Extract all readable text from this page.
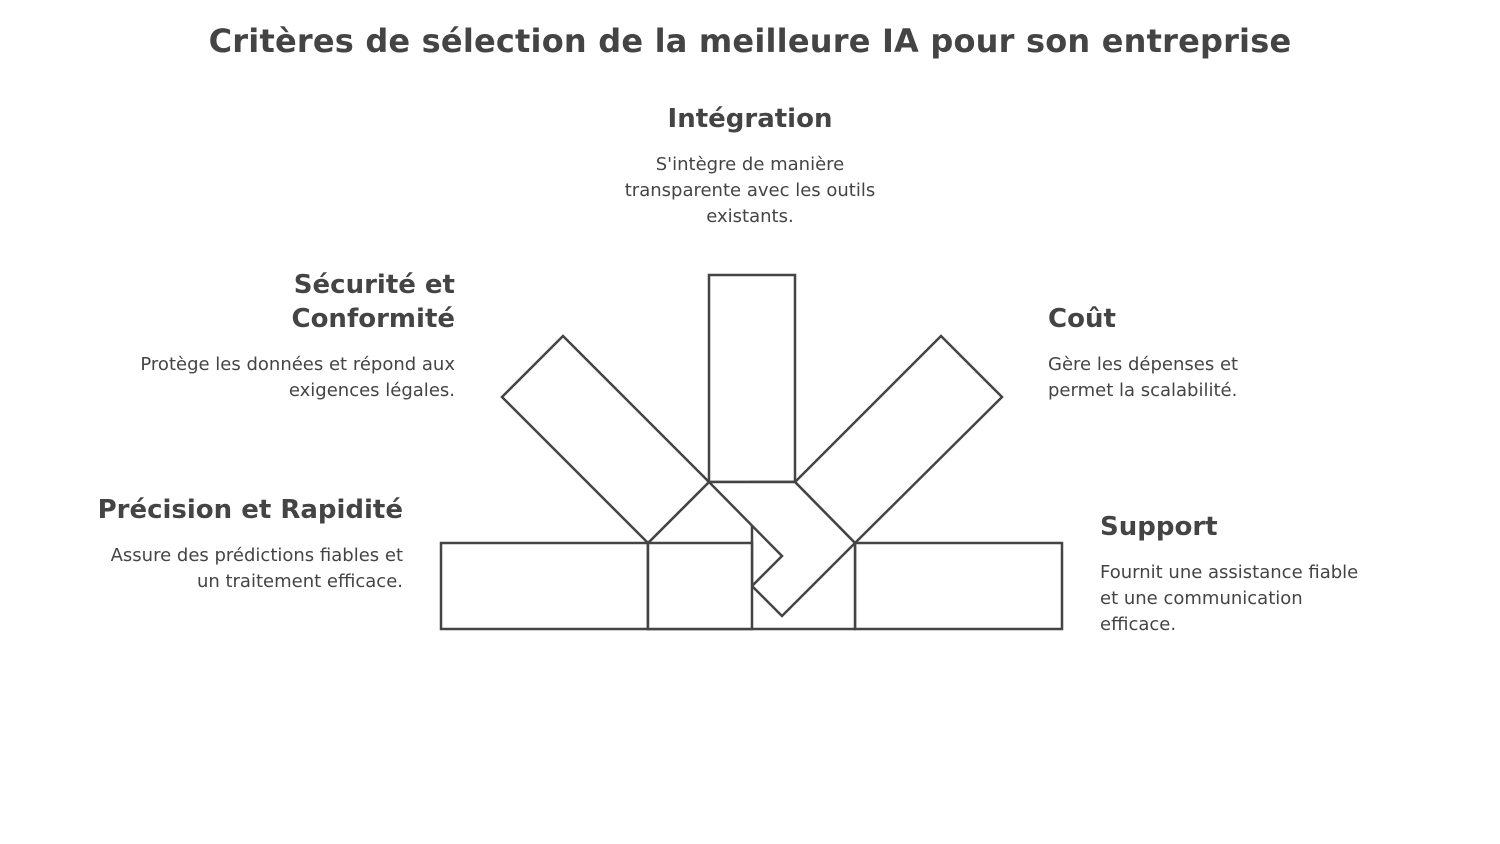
Critères de sélection de la meilleure IA pour son entreprise
Intégration

S'intègre de manière transparente avec les outils existants.

Sécurité et Conformité

Protège les données et répond aux exigences légales.

Précision et Rapidité

Assure des prédictions fiables et un traitement efficace.

Coût

Gère les dépenses et permet la scalabilité.

Support

Fournit une assistance fiable et une communication efficace.
